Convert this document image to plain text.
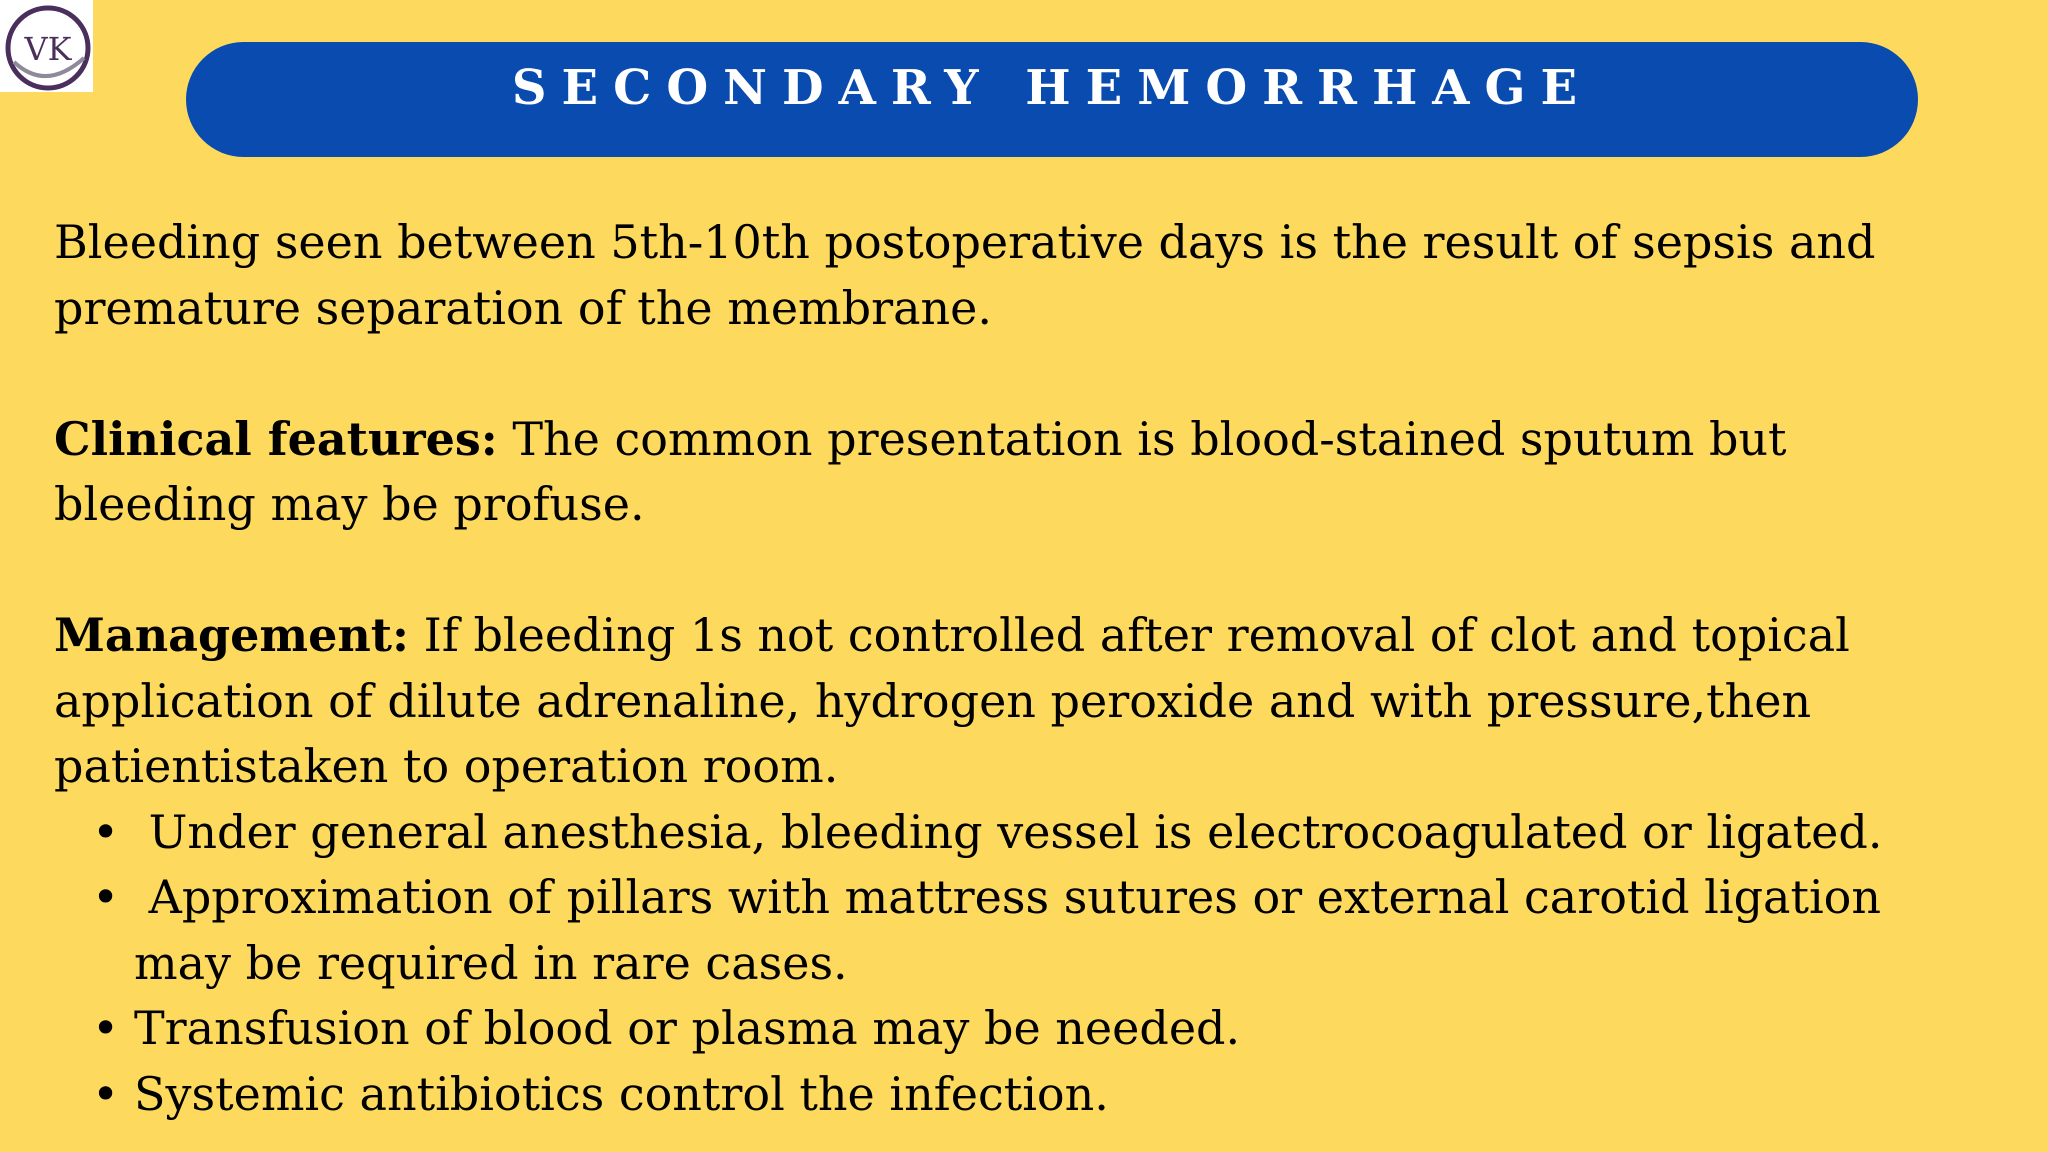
VK
SECONDARY HEMORRHAGE
Bleeding seen between 5th-10th postoperative days is the result of sepsis and
premature separation of the membrane.
Clinical features: The common presentation is blood-stained sputum but
bleeding may be profuse.
Management: If bleeding 1s not controlled after removal of clot and topical
application of dilute adrenaline, hydrogen peroxide and with pressure,then
patientistaken to operation room.
• Under general anesthesia, bleeding vessel is electrocoagulated or ligated.
• Approximation of pillars with mattress sutures or external carotid ligation
may be required in rare cases.
• Transfusion of blood or plasma may be needed.
• Systemic antibiotics control the infection.
